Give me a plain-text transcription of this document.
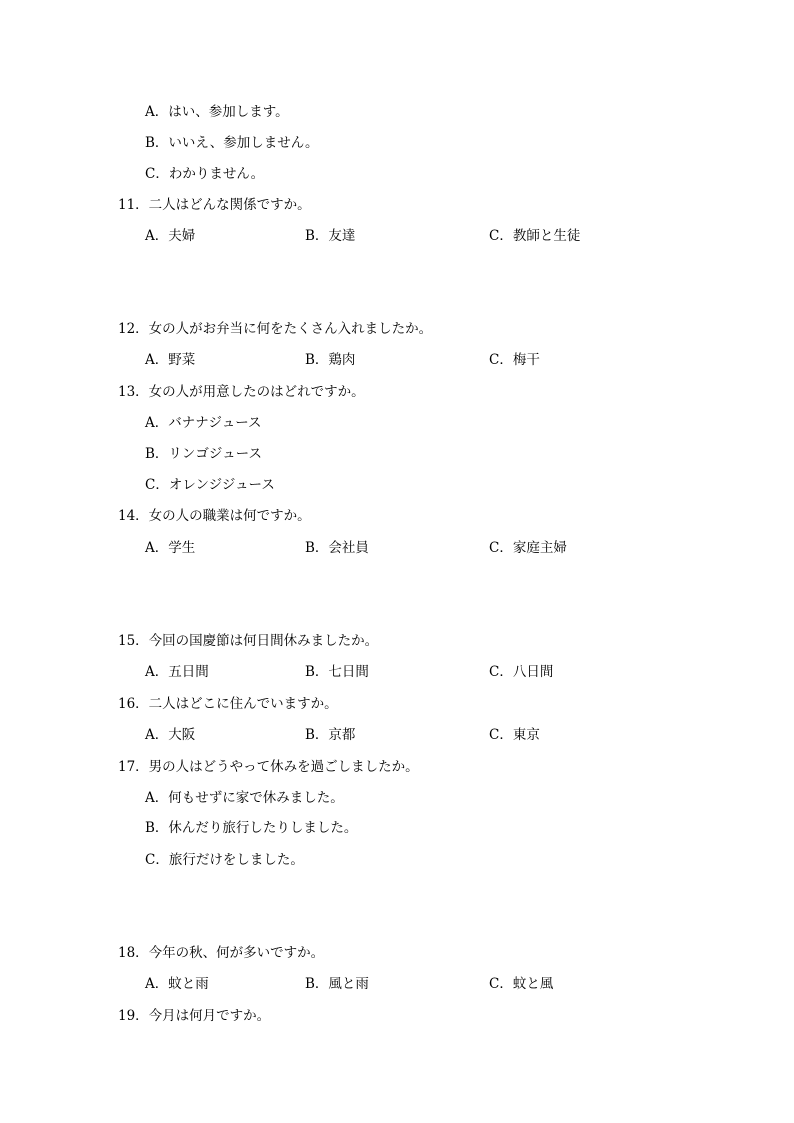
A．はい、参加します。
B．いいえ、参加しません。
C．わかりません。
11．二人はどんな関係ですか。
A．夫婦	B．友達	C．教師と生徒
12．女の人がお弁当に何をたくさん入れましたか。
A．野菜	B．鶏肉	C．梅干
13．女の人が用意したのはどれですか。
A．バナナジュース
B．リンゴジュース
C．オレンジジュース
14．女の人の職業は何ですか。
A．学生	B．会社員	C．家庭主婦
15．今回の国慶節は何日間休みましたか。
A．五日間	B．七日間	C．八日間
16．二人はどこに住んでいますか。
A．大阪	B．京都	C．東京
17．男の人はどうやって休みを過ごしましたか。
A．何もせずに家で休みました。
B．休んだり旅行したりしました。
C．旅行だけをしました。
18．今年の秋、何が多いですか。
A．蚊と雨	B．風と雨	C．蚊と風
19．今月は何月ですか。
